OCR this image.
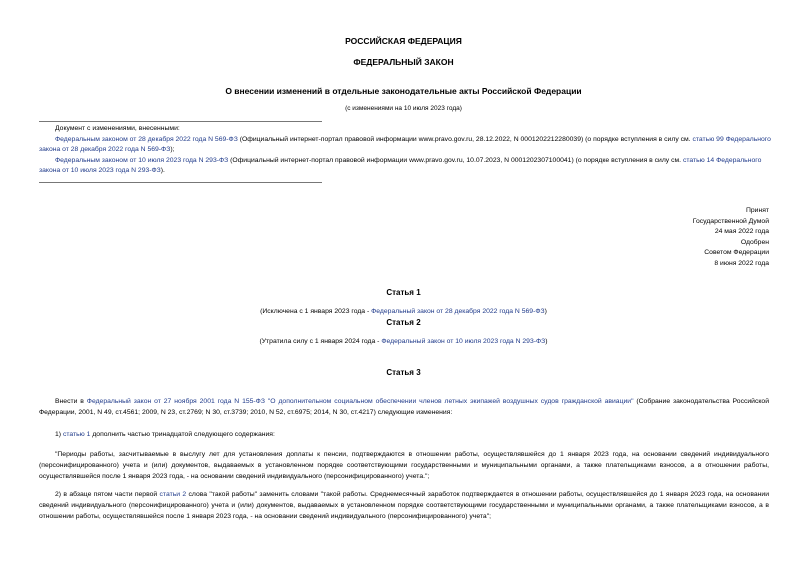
РОССИЙСКАЯ ФЕДЕРАЦИЯ
ФЕДЕРАЛЬНЫЙ ЗАКОН
О внесении изменений в отдельные законодательные акты Российской Федерации
(с изменениями на 10 июля 2023 года)
Документ с изменениями, внесенными:
Федеральным законом от 28 декабря 2022 года N 569-ФЗ (Официальный интернет-портал правовой информации www.pravo.gov.ru, 28.12.2022, N 0001202212280039) (о порядке вступления в силу см. статью 99 Федерального закона от 28 декабря 2022 года N 569-ФЗ);
Федеральным законом от 10 июля 2023 года N 293-ФЗ (Официальный интернет-портал правовой информации www.pravo.gov.ru, 10.07.2023, N 0001202307100041) (о порядке вступления в силу см. статью 14 Федерального закона от 10 июля 2023 года N 293-ФЗ).
Принят
Государственной Думой
24 мая 2022 года
Одобрен
Советом Федерации
8 июня 2022 года
Статья 1
(Исключена с 1 января 2023 года - Федеральный закон от 28 декабря 2022 года N 569-ФЗ)
Статья 2
(Утратила силу с 1 января 2024 года - Федеральный закон от 10 июля 2023 года N 293-ФЗ)
Статья 3
Внести в Федеральный закон от 27 ноября 2001 года N 155-ФЗ "О дополнительном социальном обеспечении членов летных экипажей воздушных судов гражданской авиации" (Собрание законодательства Российской Федерации, 2001, N 49, ст.4561; 2009, N 23, ст.2769; N 30, ст.3739; 2010, N 52, ст.6975; 2014, N 30, ст.4217) следующие изменения:
1) статью 1 дополнить частью тринадцатой следующего содержания:
"Периоды работы, засчитываемые в выслугу лет для установления доплаты к пенсии, подтверждаются в отношении работы, осуществлявшейся до 1 января 2023 года, на основании сведений индивидуального (персонифицированного) учета и (или) документов, выдаваемых в установленном порядке соответствующими государственными и муниципальными органами, а также плательщиками взносов, а в отношении работы, осуществлявшейся после 1 января 2023 года, - на основании сведений индивидуального (персонифицированного) учета.";
2) в абзаце пятом части первой статьи 2 слова "такой работы" заменить словами "такой работы. Среднемесячный заработок подтверждается в отношении работы, осуществлявшейся до 1 января 2023 года, на основании сведений индивидуального (персонифицированного) учета и (или) документов, выдаваемых в установленном порядке соответствующими государственными и муниципальными органами, а также плательщиками взносов, а в отношении работы, осуществлявшейся после 1 января 2023 года, - на основании сведений индивидуального (персонифицированного) учета";
